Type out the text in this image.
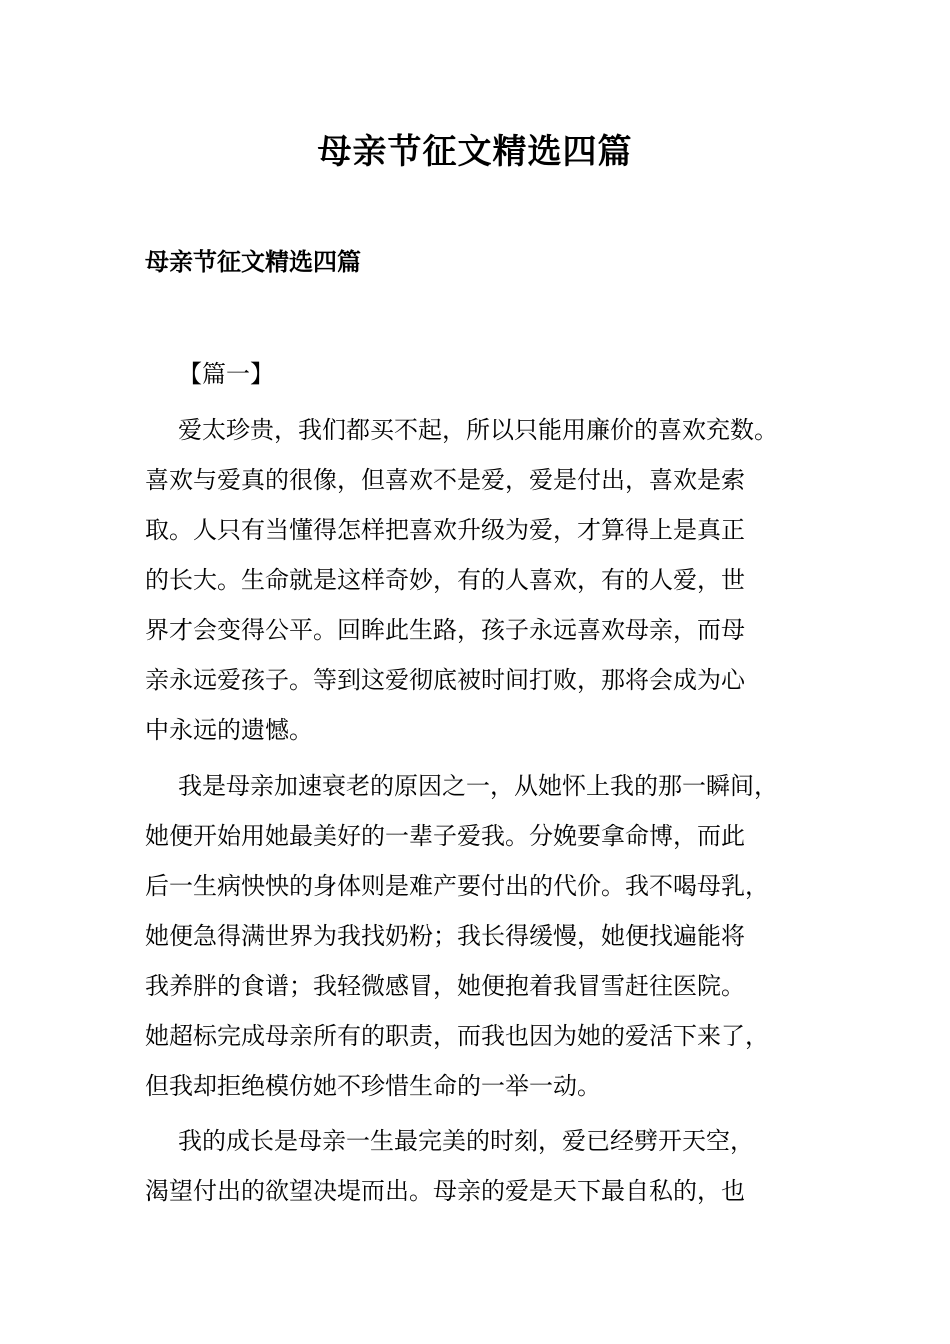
母亲节征文精选四篇
母亲节征文精选四篇
【篇一】
爱太珍贵，我们都买不起，所以只能用廉价的喜欢充数。
喜欢与爱真的很像，但喜欢不是爱，爱是付出，喜欢是索
取。人只有当懂得怎样把喜欢升级为爱，才算得上是真正
的长大。生命就是这样奇妙，有的人喜欢，有的人爱，世
界才会变得公平。回眸此生路，孩子永远喜欢母亲，而母
亲永远爱孩子。等到这爱彻底被时间打败，那将会成为心
中永远的遗憾。
我是母亲加速衰老的原因之一，从她怀上我的那一瞬间，
她便开始用她最美好的一辈子爱我。分娩要拿命博，而此
后一生病怏怏的身体则是难产要付出的代价。我不喝母乳，
她便急得满世界为我找奶粉；我长得缓慢，她便找遍能将
我养胖的食谱；我轻微感冒，她便抱着我冒雪赶往医院。
她超标完成母亲所有的职责，而我也因为她的爱活下来了，
但我却拒绝模仿她不珍惜生命的一举一动。
我的成长是母亲一生最完美的时刻，爱已经劈开天空，
渴望付出的欲望决堤而出。母亲的爱是天下最自私的，也
